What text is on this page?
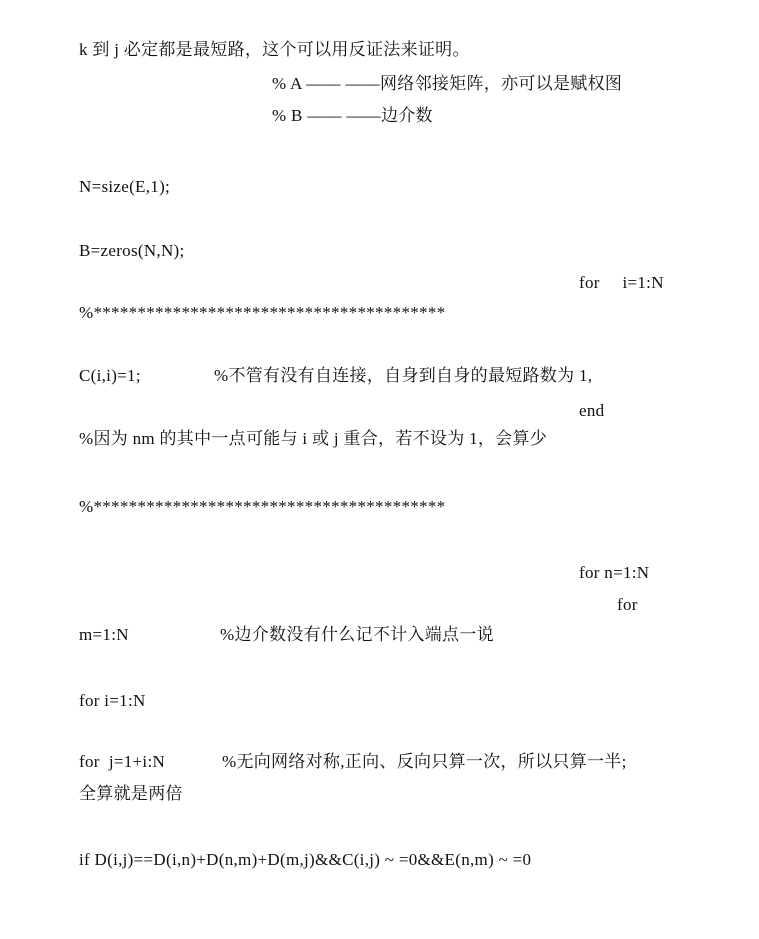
k 到 j 必定都是最短路，这个可以用反证法来证明。
% A —— ——网络邻接矩阵，亦可以是赋权图
% B —— ——边介数
N=size(E,1);
B=zeros(N,N);
for     i=1:N
%****************************************
C(i,i)=1;	%不管有没有自连接，自身到自身的最短路数为 1,
end
%因为 nm 的其中一点可能与 i 或 j 重合，若不设为 1，会算少
%****************************************
for n=1:N
for
m=1:N	%边介数没有什么记不计入端点一说
for i=1:N
for  j=1+i:N	%无向网络对称,正向、反向只算一次，所以只算一半;
全算就是两倍
if D(i,j)==D(i,n)+D(n,m)+D(m,j)&&C(i,j) ~ =0&&E(n,m) ~ =0
